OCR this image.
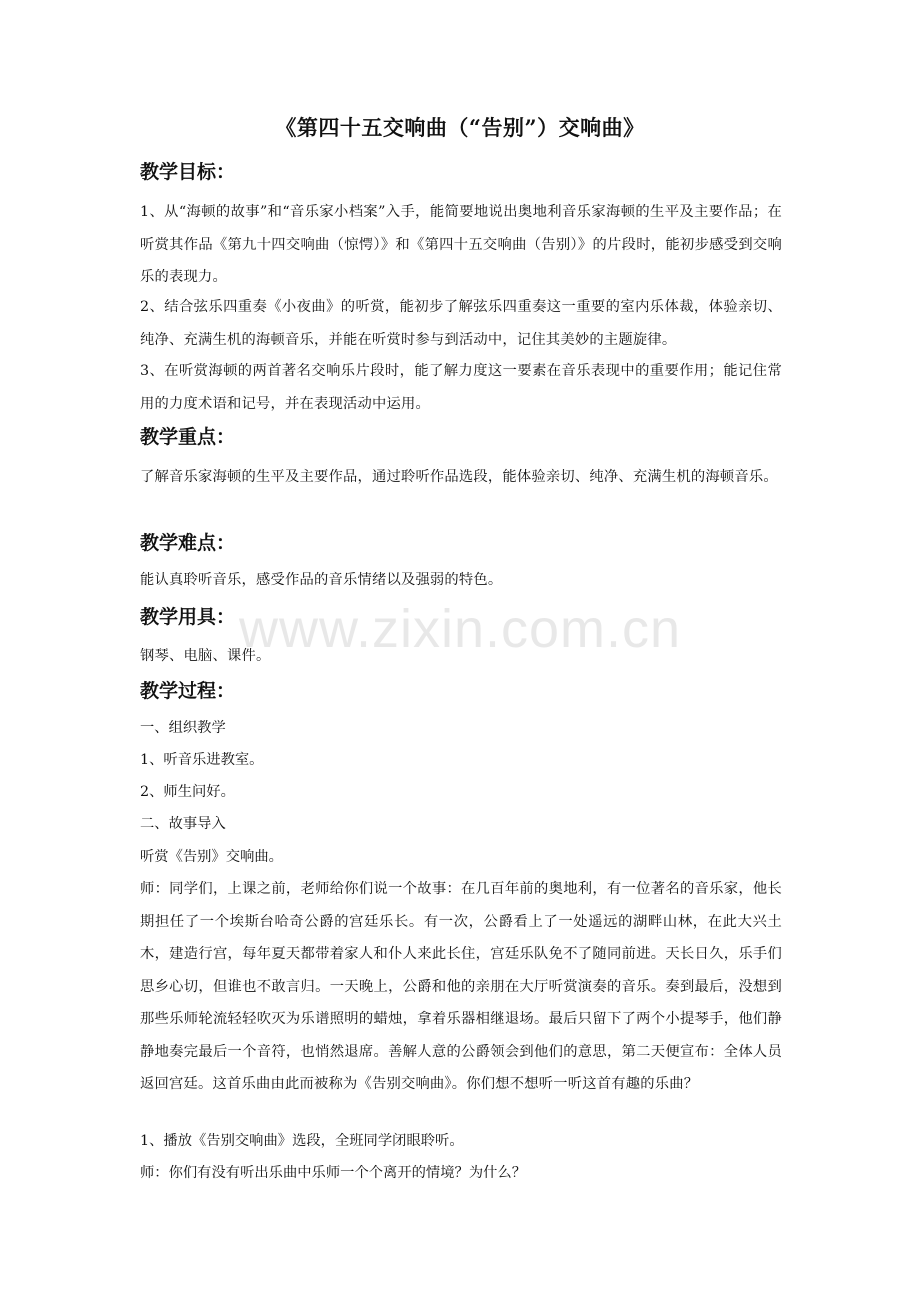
《第四十五交响曲（“告别”）交响曲》
教学目标：

1、从“海顿的故事”和“音乐家小档案”入手，能简要地说出奥地利音乐家海顿的生平及主要作品；在听赏其作品《第九十四交响曲（惊愕）》和《第四十五交响曲（告别）》的片段时，能初步感受到交响乐的表现力。

2、结合弦乐四重奏《小夜曲》的听赏，能初步了解弦乐四重奏这一重要的室内乐体裁，体验亲切、纯净、充满生机的海顿音乐，并能在听赏时参与到活动中，记住其美妙的主题旋律。

3、在听赏海顿的两首著名交响乐片段时，能了解力度这一要素在音乐表现中的重要作用；能记住常用的力度术语和记号，并在表现活动中运用。

教学重点：

了解音乐家海顿的生平及主要作品，通过聆听作品选段，能体验亲切、纯净、充满生机的海顿音乐。

教学难点：

能认真聆听音乐，感受作品的音乐情绪以及强弱的特色。

教学用具：

钢琴、电脑、课件。

教学过程：

一、组织教学

1、听音乐进教室。

2、师生问好。

二、故事导入

听赏《告别》交响曲。

师：同学们，上课之前，老师给你们说一个故事：在几百年前的奥地利，有一位著名的音乐家，他长期担任了一个埃斯台哈奇公爵的宫廷乐长。有一次，公爵看上了一处遥远的湖畔山林，在此大兴土木，建造行宫，每年夏天都带着家人和仆人来此长住，宫廷乐队免不了随同前进。天长日久，乐手们思乡心切，但谁也不敢言归。一天晚上，公爵和他的亲朋在大厅听赏演奏的音乐。奏到最后，没想到那些乐师轮流轻轻吹灭为乐谱照明的蜡烛，拿着乐器相继退场。最后只留下了两个小提琴手，他们静静地奏完最后一个音符，也悄然退席。善解人意的公爵领会到他们的意思，第二天便宣布：全体人员返回宫廷。这首乐曲由此而被称为《告别交响曲》。你们想不想听一听这首有趣的乐曲？

1、播放《告别交响曲》选段，全班同学闭眼聆听。

师：你们有没有听出乐曲中乐师一个个离开的情境？为什么？

www.zixin.com.cn
